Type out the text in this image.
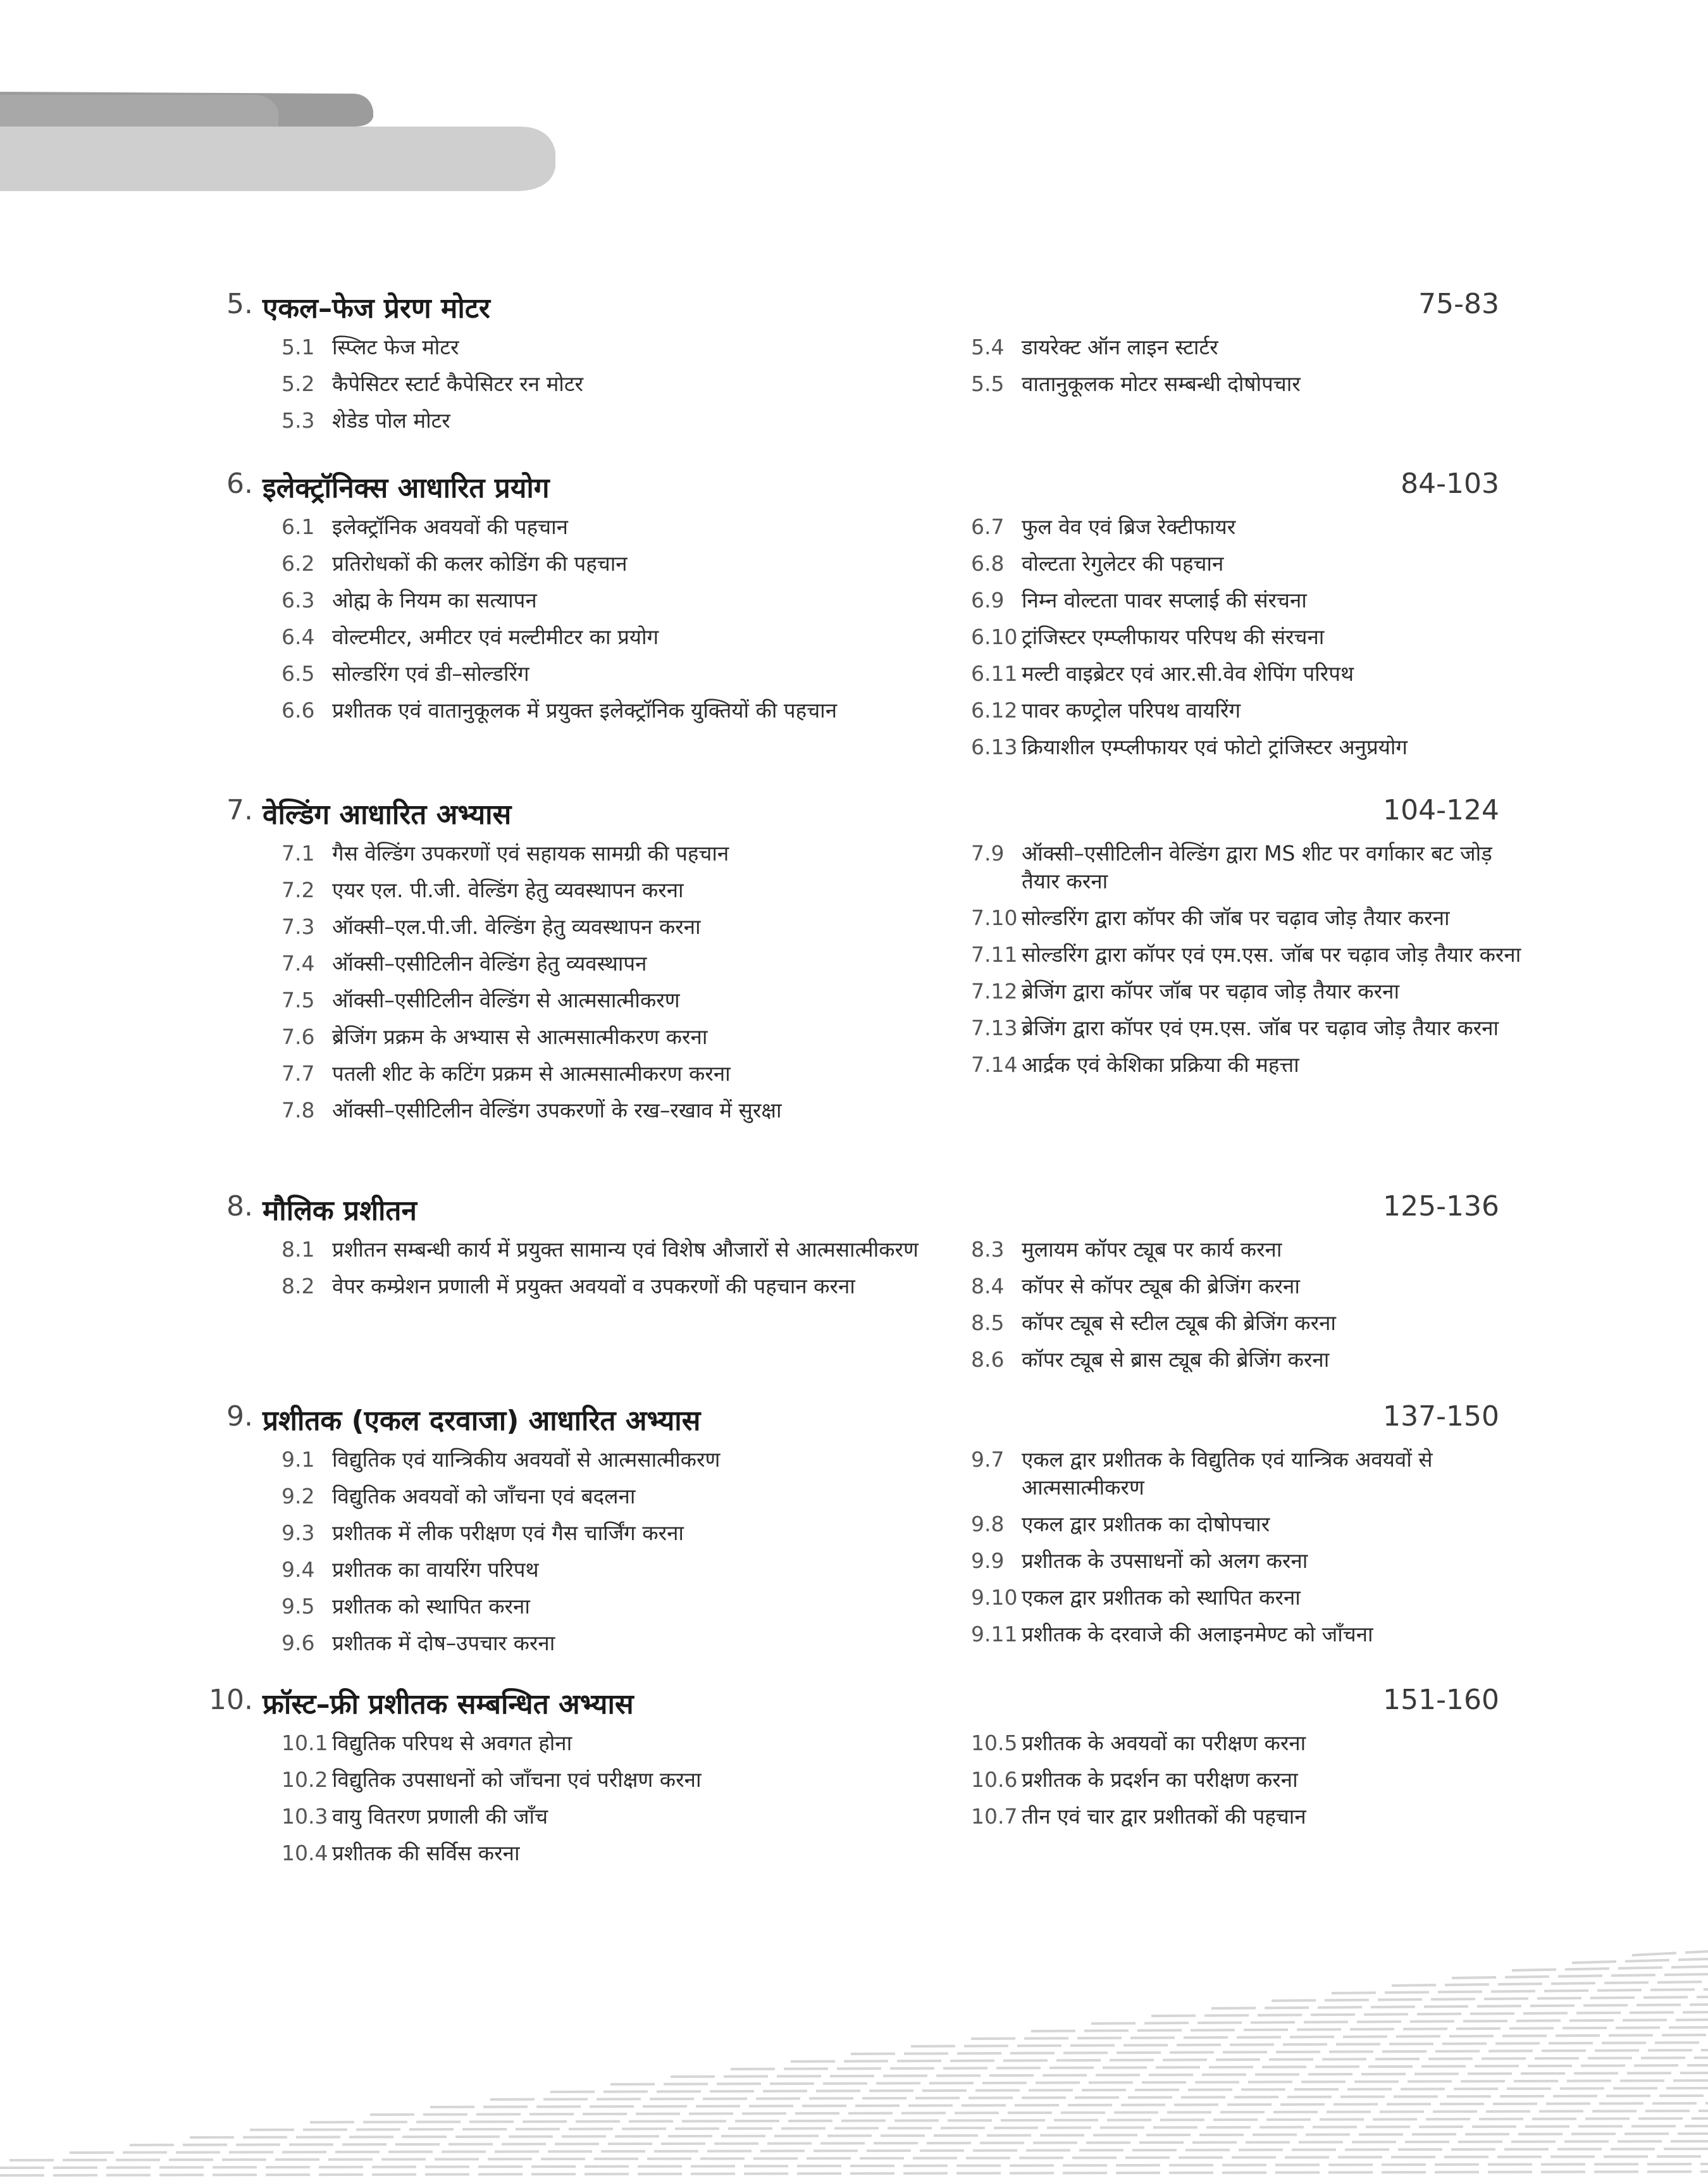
5. एकल–फेज प्रेरण मोटर	75-83
5.1 स्प्लिट फेज मोटर
5.2 कैपेसिटर स्टार्ट कैपेसिटर रन मोटर
5.3 शेडेड पोल मोटर
5.4 डायरेक्ट ऑन लाइन स्टार्टर
5.5 वातानुकूलक मोटर सम्बन्धी दोषोपचार
6. इलेक्ट्रॉनिक्स आधारित प्रयोग	84-103
6.1 इलेक्ट्रॉनिक अवयवों की पहचान
6.2 प्रतिरोधकों की कलर कोडिंग की पहचान
6.3 ओह्म के नियम का सत्यापन
6.4 वोल्टमीटर, अमीटर एवं मल्टीमीटर का प्रयोग
6.5 सोल्डरिंग एवं डी–सोल्डरिंग
6.6 प्रशीतक एवं वातानुकूलक में प्रयुक्त इलेक्ट्रॉनिक युक्तियों की पहचान
6.7 फुल वेव एवं ब्रिज रेक्टीफायर
6.8 वोल्टता रेगुलेटर की पहचान
6.9 निम्न वोल्टता पावर सप्लाई की संरचना
6.10 ट्रांजिस्टर एम्प्लीफायर परिपथ की संरचना
6.11 मल्टी वाइब्रेटर एवं आर.सी.वेव शेपिंग परिपथ
6.12 पावर कण्ट्रोल परिपथ वायरिंग
6.13 क्रियाशील एम्प्लीफायर एवं फोटो ट्रांजिस्टर अनुप्रयोग
7. वेल्डिंग आधारित अभ्यास	104-124
7.1 गैस वेल्डिंग उपकरणों एवं सहायक सामग्री की पहचान
7.2 एयर एल. पी.जी. वेल्डिंग हेतु व्यवस्थापन करना
7.3 ऑक्सी–एल.पी.जी. वेल्डिंग हेतु व्यवस्थापन करना
7.4 ऑक्सी–एसीटिलीन वेल्डिंग हेतु व्यवस्थापन
7.5 ऑक्सी–एसीटिलीन वेल्डिंग से आत्मसात्मीकरण
7.6 ब्रेजिंग प्रक्रम के अभ्यास से आत्मसात्मीकरण करना
7.7 पतली शीट के कटिंग प्रक्रम से आत्मसात्मीकरण करना
7.8 ऑक्सी–एसीटिलीन वेल्डिंग उपकरणों के रख–रखाव में सुरक्षा
7.9 ऑक्सी–एसीटिलीन वेल्डिंग द्वारा MS शीट पर वर्गाकार बट जोड़ तैयार करना
7.10 सोल्डरिंग द्वारा कॉपर की जॉब पर चढ़ाव जोड़ तैयार करना
7.11 सोल्डरिंग द्वारा कॉपर एवं एम.एस. जॉब पर चढ़ाव जोड़ तैयार करना
7.12 ब्रेजिंग द्वारा कॉपर जॉब पर चढ़ाव जोड़ तैयार करना
7.13 ब्रेजिंग द्वारा कॉपर एवं एम.एस. जॉब पर चढ़ाव जोड़ तैयार करना
7.14 आर्द्रक एवं केशिका प्रक्रिया की महत्ता
8. मौलिक प्रशीतन	125-136
8.1 प्रशीतन सम्बन्धी कार्य में प्रयुक्त सामान्य एवं विशेष औजारों से आत्मसात्मीकरण
8.2 वेपर कम्प्रेशन प्रणाली में प्रयुक्त अवयवों व उपकरणों की पहचान करना
8.3 मुलायम कॉपर ट्यूब पर कार्य करना
8.4 कॉपर से कॉपर ट्यूब की ब्रेजिंग करना
8.5 कॉपर ट्यूब से स्टील ट्यूब की ब्रेजिंग करना
8.6 कॉपर ट्यूब से ब्रास ट्यूब की ब्रेजिंग करना
9. प्रशीतक (एकल दरवाजा) आधारित अभ्यास	137-150
9.1 विद्युतिक एवं यान्त्रिकीय अवयवों से आत्मसात्मीकरण
9.2 विद्युतिक अवयवों को जाँचना एवं बदलना
9.3 प्रशीतक में लीक परीक्षण एवं गैस चार्जिंग करना
9.4 प्रशीतक का वायरिंग परिपथ
9.5 प्रशीतक को स्थापित करना
9.6 प्रशीतक में दोष–उपचार करना
9.7 एकल द्वार प्रशीतक के विद्युतिक एवं यान्त्रिक अवयवों से आत्मसात्मीकरण
9.8 एकल द्वार प्रशीतक का दोषोपचार
9.9 प्रशीतक के उपसाधनों को अलग करना
9.10 एकल द्वार प्रशीतक को स्थापित करना
9.11 प्रशीतक के दरवाजे की अलाइनमेण्ट को जाँचना
10. फ्रॉस्ट–फ्री प्रशीतक सम्बन्धित अभ्यास	151-160
10.1 विद्युतिक परिपथ से अवगत होना
10.2 विद्युतिक उपसाधनों को जाँचना एवं परीक्षण करना
10.3 वायु वितरण प्रणाली की जाँच
10.4 प्रशीतक की सर्विस करना
10.5 प्रशीतक के अवयवों का परीक्षण करना
10.6 प्रशीतक के प्रदर्शन का परीक्षण करना
10.7 तीन एवं चार द्वार प्रशीतकों की पहचान
